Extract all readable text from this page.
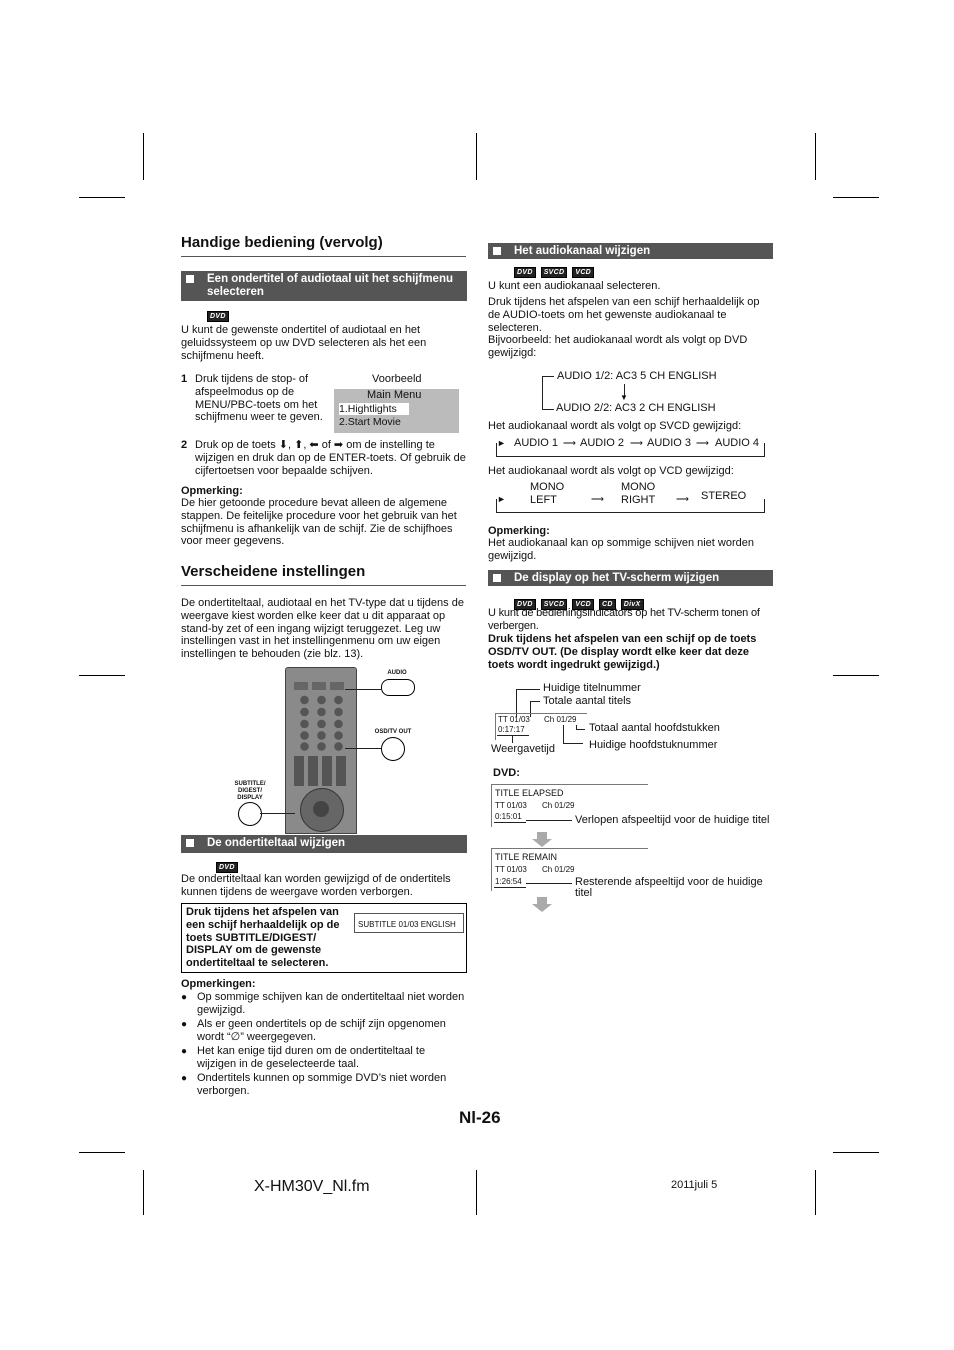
Handige bediening (vervolg)
Een ondertitel of audiotaal uit het schijfmenu selecteren
DVD
U kunt de gewenste ondertitel of audiotaal en het geluidssysteem op uw DVD selecteren als het een schijfmenu heeft.
1 Druk tijdens de stop- of afspeelmodus op de MENU/PBC-toets om het schijfmenu weer te geven.
Voorbeeld
Main Menu
1.Hightlights
2.Start Movie
2 Druk op de toets ⬇, ⬆, ⬅ of ➡ om de instelling te wijzigen en druk dan op de ENTER-toets. Of gebruik de cijfertoetsen voor bepaalde schijven.
Opmerking:
De hier getoonde procedure bevat alleen de algemene stappen. De feitelijke procedure voor het gebruik van het schijfmenu is afhankelijk van de schijf. Zie de schijfhoes voor meer gegevens.
Verscheidene instellingen
De ondertiteltaal, audiotaal en het TV-type dat u tijdens de weergave kiest worden elke keer dat u dit apparaat op stand-by zet of een ingang wijzigt teruggezet. Leg uw instellingen vast in het instellingenmenu om uw eigen instellingen te behouden (zie blz. 13).
AUDIO
OSD/TV OUT
SUBTITLE/ DIGEST/ DISPLAY
De ondertiteltaal wijzigen
DVD
De ondertiteltaal kan worden gewijzigd of de ondertitels kunnen tijdens de weergave worden verborgen.
Druk tijdens het afspelen van een schijf herhaaldelijk op de toets SUBTITLE/DIGEST/ DISPLAY om de gewenste ondertiteltaal te selecteren.
SUBTITLE 01/03 ENGLISH
Opmerkingen:
● Op sommige schijven kan de ondertiteltaal niet worden gewijzigd.
● Als er geen ondertitels op de schijf zijn opgenomen wordt “∅” weergegeven.
● Het kan enige tijd duren om de ondertiteltaal te wijzigen in de geselecteerde taal.
● Ondertitels kunnen op sommige DVD’s niet worden verborgen.
Het audiokanaal wijzigen
DVD SVCD VCD
U kunt een audiokanaal selecteren.
Druk tijdens het afspelen van een schijf herhaaldelijk op de AUDIO-toets om het gewenste audiokanaal te selecteren.
Bijvoorbeeld: het audiokanaal wordt als volgt op DVD gewijzigd:
AUDIO 1/2: AC3 5 CH ENGLISH
▼
AUDIO 2/2: AC3 2 CH ENGLISH
Het audiokanaal wordt als volgt op SVCD gewijzigd:
► AUDIO 1 ⟶ AUDIO 2 ⟶ AUDIO 3 ⟶ AUDIO 4
Het audiokanaal wordt als volgt op VCD gewijzigd:
►
MONO LEFT	⟶
MONO RIGHT	⟶ STEREO
Opmerking:
Het audiokanaal kan op sommige schijven niet worden gewijzigd.
De display op het TV-scherm wijzigen
DVD SVCD VCD CD DivX
U kunt de bedieningsindicators op het TV-scherm tonen of verbergen.
Druk tijdens het afspelen van een schijf op de toets OSD/TV OUT. (De display wordt elke keer dat deze toets wordt ingedrukt gewijzigd.)
Huidige titelnummer
Totale aantal titels
TT 01/03 Ch 01/29
0:17:17
Weergavetijd
Totaal aantal hoofdstukken
Huidige hoofdstuknummer
DVD:
TITLE ELAPSED
TT 01/03 Ch 01/29
0:15:01	Verlopen afspeeltijd voor de huidige titel
TITLE REMAIN
TT 01/03 Ch 01/29
1:26:54	Resterende afspeeltijd voor de huidige titel
Nl-26
X-HM30V_Nl.fm	2011juli 5
